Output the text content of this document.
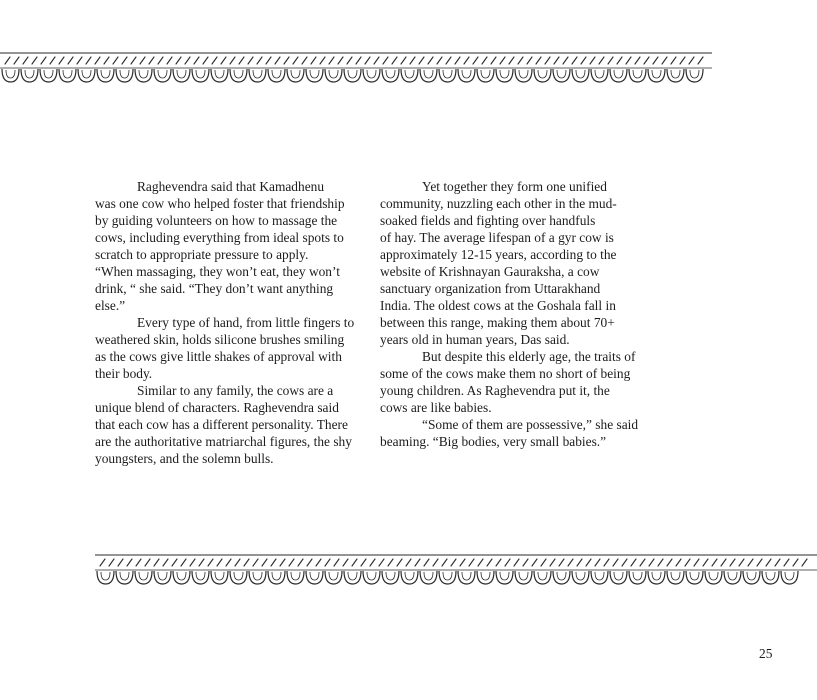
Raghevendra said that Kamadhenu
was one cow who helped foster that friendship
by guiding volunteers on how to massage the
cows, including everything from ideal spots to
scratch to appropriate pressure to apply.
“When massaging, they won’t eat, they won’t
drink, “ she said. “They don’t want anything
else.”

Every type of hand, from little fingers to
weathered skin, holds silicone brushes smiling
as the cows give little shakes of approval with
their body.

Similar to any family, the cows are a
unique blend of characters. Raghevendra said
that each cow has a different personality. There
are the authoritative matriarchal figures, the shy
youngsters, and the solemn bulls.

Yet together they form one unified
community, nuzzling each other in the mud-
soaked fields and fighting over handfuls
of hay. The average lifespan of a gyr cow is
approximately 12-15 years, according to the
website of Krishnayan Gauraksha, a cow
sanctuary organization from Uttarakhand
India. The oldest cows at the Goshala fall in
between this range, making them about 70+
years old in human years, Das said.

But despite this elderly age, the traits of
some of the cows make them no short of being
young children. As Raghevendra put it, the
cows are like babies.

“Some of them are possessive,” she said
beaming. “Big bodies, very small babies.”

25
